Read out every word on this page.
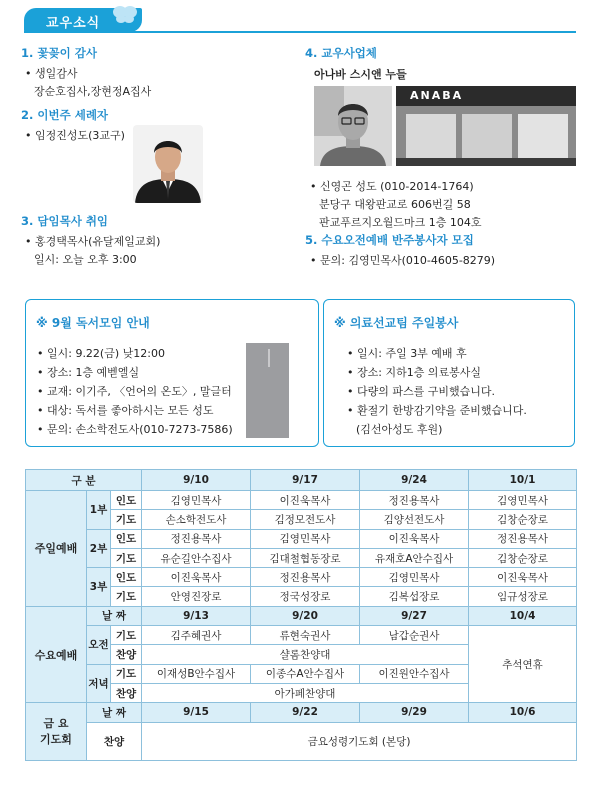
교우소식
1. 꽃꽂이 감사
• 생일감사
장순호집사,장현정A집사
2. 이번주 세례자
• 임정진성도(3교구)
3. 담임목사 취임
• 홍경택목사(유달제일교회)
일시: 오늘 오후 3:00
4. 교우사업체
아나바 스시앤 누들
ANABA
• 신영곤 성도 (010-2014-1764)
분당구 대왕판교로 606번길 58
판교푸르지오월드마크 1층 104호
5. 수요오전예배 반주봉사자 모집
• 문의: 김영민목사(010-4605-8279)
※ 9월 독서모임 안내
• 일시: 9.22(금) 낮12:00
• 장소: 1층 예벧엘실
• 교재: 이기주, 〈언어의 온도〉, 말글터
• 대상: 독서를 좋아하시는 모든 성도
• 문의: 손소학전도사(010-7273-7586)
※ 의료선교팀 주일봉사
• 일시: 주일 3부 예배 후
• 장소: 지하1층 의료봉사실
• 다량의 파스를 구비했습니다.
• 환절기 한방감기약을 준비했습니다.
(김선아성도 후원)
구 분			9/10	9/17	9/24	10/1
주일예배	1부	인도	김영민목사	이진욱목사	정진용목사	김영민목사
		기도	손소학전도사	김정모전도사	김양선전도사	김창순장로
	2부	인도	정진용목사	김영민목사	이진욱목사	정진용목사
		기도	유순길안수집사	김대철협동장로	유재호A안수집사	김창순장로
	3부	인도	이진욱목사	정진용목사	김영민목사	이진욱목사
		기도	안영진장로	정국성장로	김복섭장로	임규성장로
수요예배	날 짜		9/13	9/20	9/27	10/4
	오전	기도	김주혜권사	류현숙권사	남갑순권사	추석연휴
		찬양	샬롬찬양대			
	저녁	기도	이재성B안수집사	이종수A안수집사	이진원안수집사	
		찬양	아가페찬양대			

금 요
기도회	날 짜		9/15	9/22	9/29	10/6
	찬양		금요성령기도회 (본당)			
